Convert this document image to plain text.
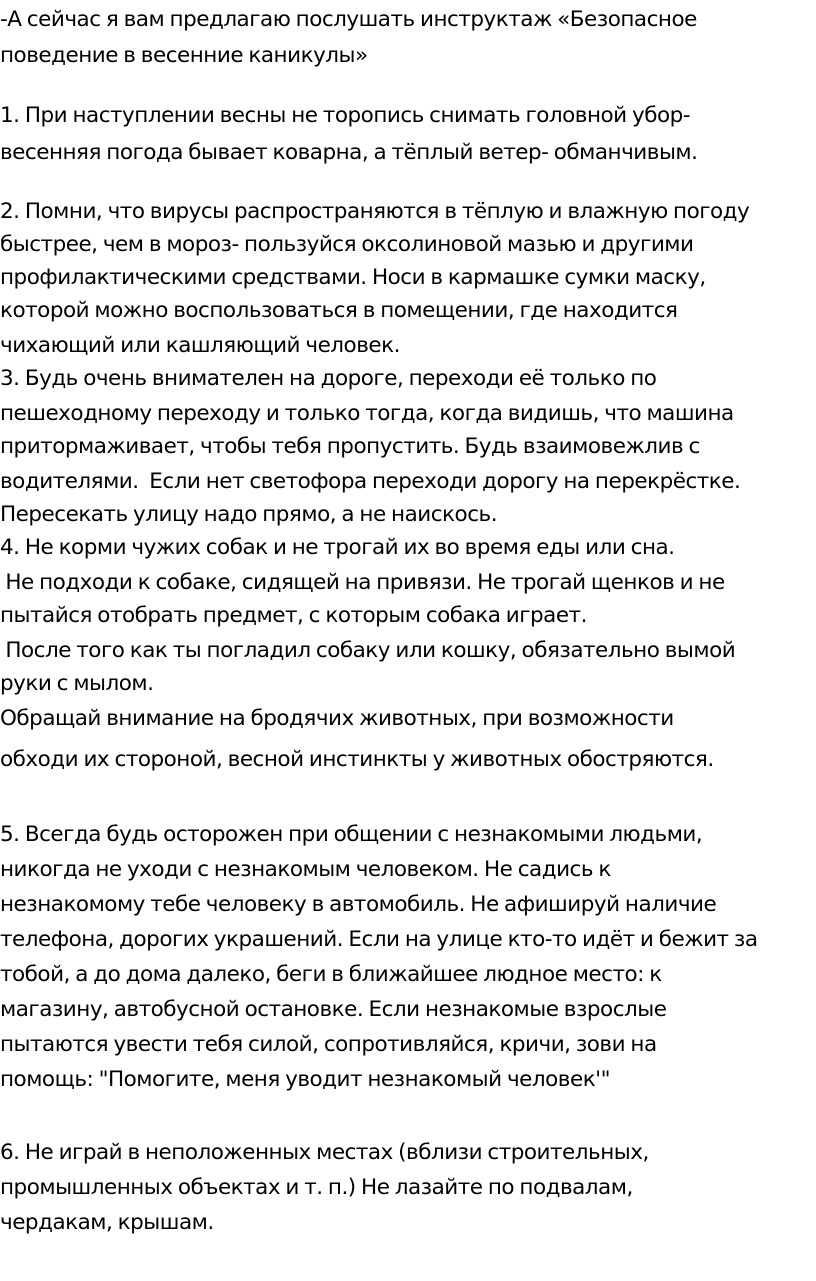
-А сейчас я вам предлагаю послушать инструктаж «Безопасное
поведение в весенние каникулы»
1. При наступлении весны не торопись снимать головной убор-
весенняя погода бывает коварна, а тёплый ветер- обманчивым.
2. Помни, что вирусы распространяются в тёплую и влажную погоду
быстрее, чем в мороз- пользуйся оксолиновой мазью и другими
профилактическими средствами. Носи в кармашке сумки маску,
которой можно воспользоваться в помещении, где находится
чихающий или кашляющий человек.
3. Будь очень внимателен на дороге, переходи её только по
пешеходному переходу и только тогда, когда видишь, что машина
притормаживает, чтобы тебя пропустить. Будь взаимовежлив с
водителями.  Если нет светофора переходи дорогу на перекрёстке.
Пересекать улицу надо прямо, а не наискось.
4. Не корми чужих собак и не трогай их во время еды или сна.
Не подходи к собаке, сидящей на привязи. Не трогай щенков и не
пытайся отобрать предмет, с которым собака играет.
После того как ты погладил собаку или кошку, обязательно вымой
руки с мылом.
Обращай внимание на бродячих животных, при возможности
обходи их стороной, весной инстинкты у животных обостряются.
5. Всегда будь осторожен при общении с незнакомыми людьми,
никогда не уходи с незнакомым человеком. Не садись к
незнакомому тебе человеку в автомобиль. Не афишируй наличие
телефона, дорогих украшений. Если на улице кто-то идёт и бежит за
тобой, а до дома далеко, беги в ближайшее людное место: к
магазину, автобусной остановке. Если незнакомые взрослые
пытаются увести тебя силой, сопротивляйся, кричи, зови на
помощь: "Помогите, меня уводит незнакомый человек'"
6. Не играй в неположенных местах (вблизи строительных,
промышленных объектах и т. п.) Не лазайте по подвалам,
чердакам, крышам.
